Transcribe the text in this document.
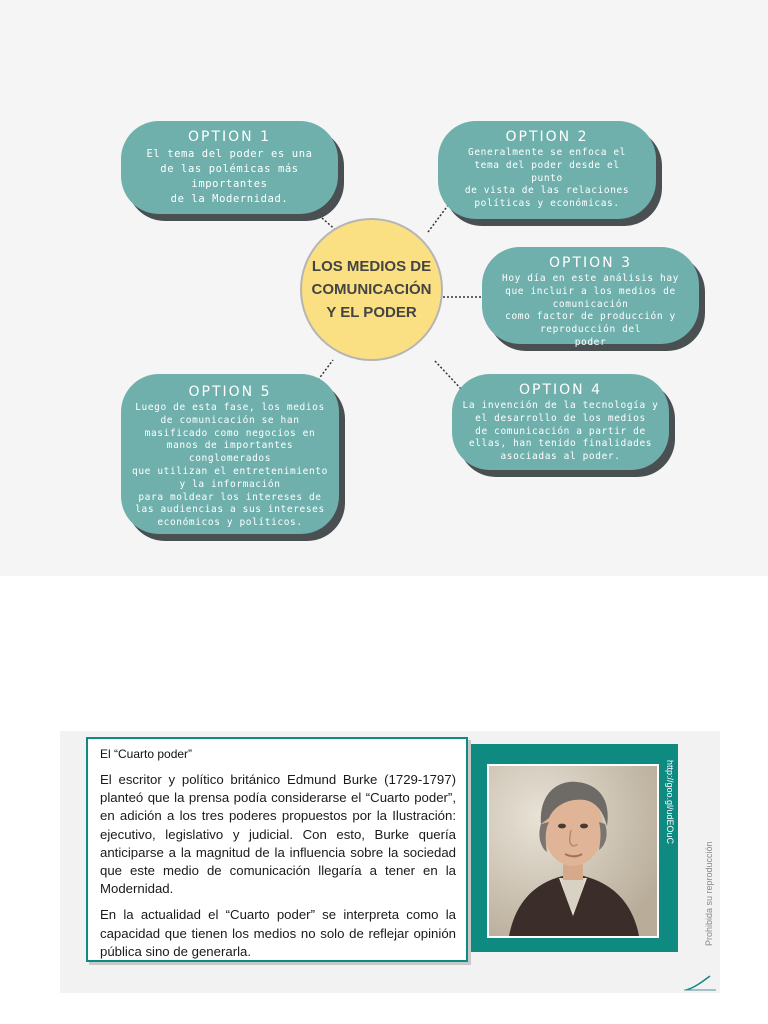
OPTION 1
El tema del poder es una
de las polémicas más
importantes
de la Modernidad.
OPTION 2
Generalmente se enfoca el
tema del poder desde el
punto
de vista de las relaciones
políticas y económicas.
OPTION 3
Hoy día en este análisis hay
que incluir a los medios de
comunicación
como factor de producción y
reproducción del
poder
OPTION 4
La invención de la tecnología y
el desarrollo de los medios
de comunicación a partir de
ellas, han tenido finalidades
asociadas al poder.
OPTION 5
Luego de esta fase, los medios
de comunicación se han
masificado como negocios en
manos de importantes
conglomerados
que utilizan el entretenimiento
y la información
para moldear los intereses de
las audiencias a sus intereses
económicos y políticos.
LOS MEDIOS DE
COMUNICACIÓN
Y EL PODER
http://goo.gl/udEOuC
Prohibida su reproducción
El “Cuarto poder”

El escritor y político británico Edmund Burke (1729-1797) planteó que la prensa podía considerarse el “Cuarto poder”, en adición a los tres poderes propuestos por la Ilustración: ejecutivo, legislativo y judicial. Con esto, Burke quería anticiparse a la magnitud de la influencia sobre la sociedad que este medio de comunicación llegaría a tener en la Modernidad.

En la actualidad el “Cuarto poder” se interpreta como la capacidad que tienen los medios no solo de reflejar opinión pública sino de generarla.
